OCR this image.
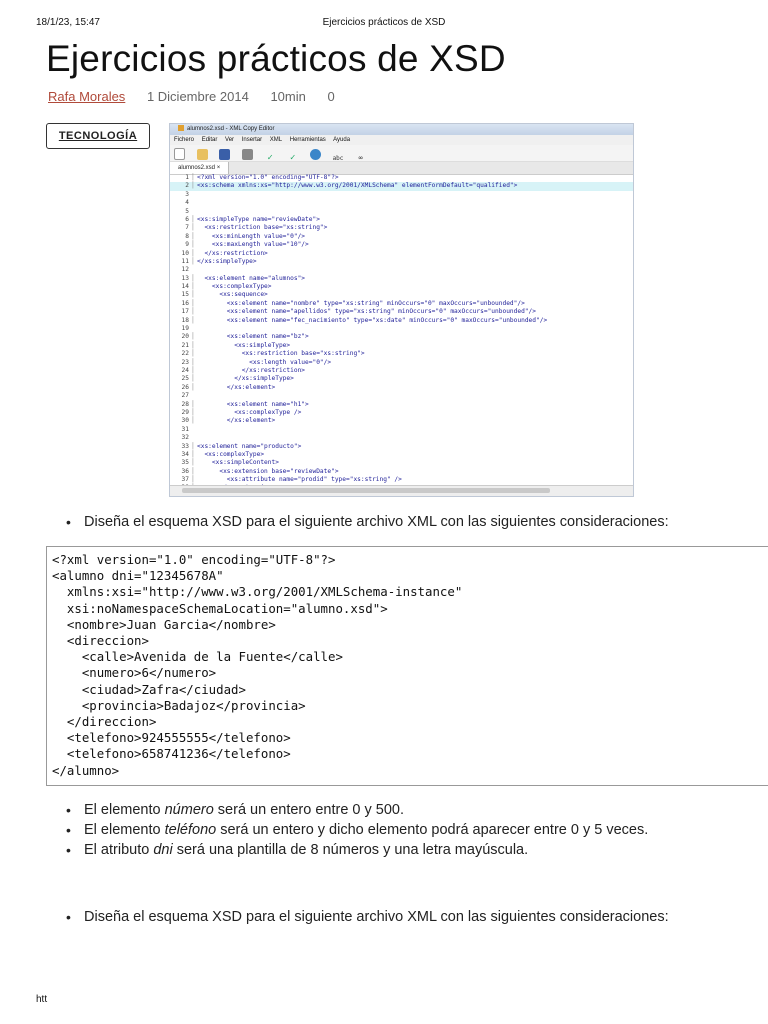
18/1/23, 15:47	Ejercicios prácticos de XSD
Ejercicios prácticos de XSD
Rafa Morales 1 Diciembre 2014 10min 0
TECNOLOGÍA
alumnos2.xsd - XML Copy Editor
Fichero Editar Ver Insertar XML Herramientas Ayuda
✓ ✓	abc ∞
alumnos2.xsd ×
1 │ <?xml version="1.0" encoding="UTF-8"?>
2 │ <xs:schema xmlns:xs="http://www.w3.org/2001/XMLSchema" elementFormDefault="qualified">
3
4
5
6 │ <xs:simpleType name="reviewDate">
7 │  <xs:restriction base="xs:string">
8 │    <xs:minLength value="0"/>
9 │    <xs:maxLength value="10"/>
10 │  </xs:restriction>
11 │ </xs:simpleType>
12
13 │  <xs:element name="alumnos">
14 │    <xs:complexType>
15 │      <xs:sequence>
16 │        <xs:element name="nombre" type="xs:string" minOccurs="0" maxOccurs="unbounded"/>
17 │        <xs:element name="apellidos" type="xs:string" minOccurs="0" maxOccurs="unbounded"/>
18 │        <xs:element name="fec_nacimiento" type="xs:date" minOccurs="0" maxOccurs="unbounded"/>
19
20 │        <xs:element name="bz">
21 │          <xs:simpleType>
22 │            <xs:restriction base="xs:string">
23 │              <xs:length value="0"/>
24 │            </xs:restriction>
25 │          </xs:simpleType>
26 │        </xs:element>
27
28 │        <xs:element name="h1">
29 │          <xs:complexType />
30 │        </xs:element>
31
32
33 │ <xs:element name="producto">
34 │  <xs:complexType>
35 │    <xs:simpleContent>
36 │      <xs:extension base="reviewDate">
37 │        <xs:attribute name="prodid" type="xs:string" />
• Diseña el esquema XSD para el siguiente archivo XML con las siguientes consideraciones:
<?xml version="1.0" encoding="UTF-8"?>
<alumno dni="12345678A"
xmlns:xsi="http://www.w3.org/2001/XMLSchema-instance"
xsi:noNamespaceSchemaLocation="alumno.xsd">
<nombre>Juan Garcia</nombre>
<direccion>
<calle>Avenida de la Fuente</calle>
<numero>6</numero>
<ciudad>Zafra</ciudad>
<provincia>Badajoz</provincia>
</direccion>
<telefono>924555555</telefono>
<telefono>658741236</telefono>
</alumno>
• El elemento número será un entero entre 0 y 500.
• El elemento teléfono será un entero y dicho elemento podrá aparecer entre 0 y 5 veces.
• El atributo dni será una plantilla de 8 números y una letra mayúscula.
• Diseña el esquema XSD para el siguiente archivo XML con las siguientes consideraciones:
htt
